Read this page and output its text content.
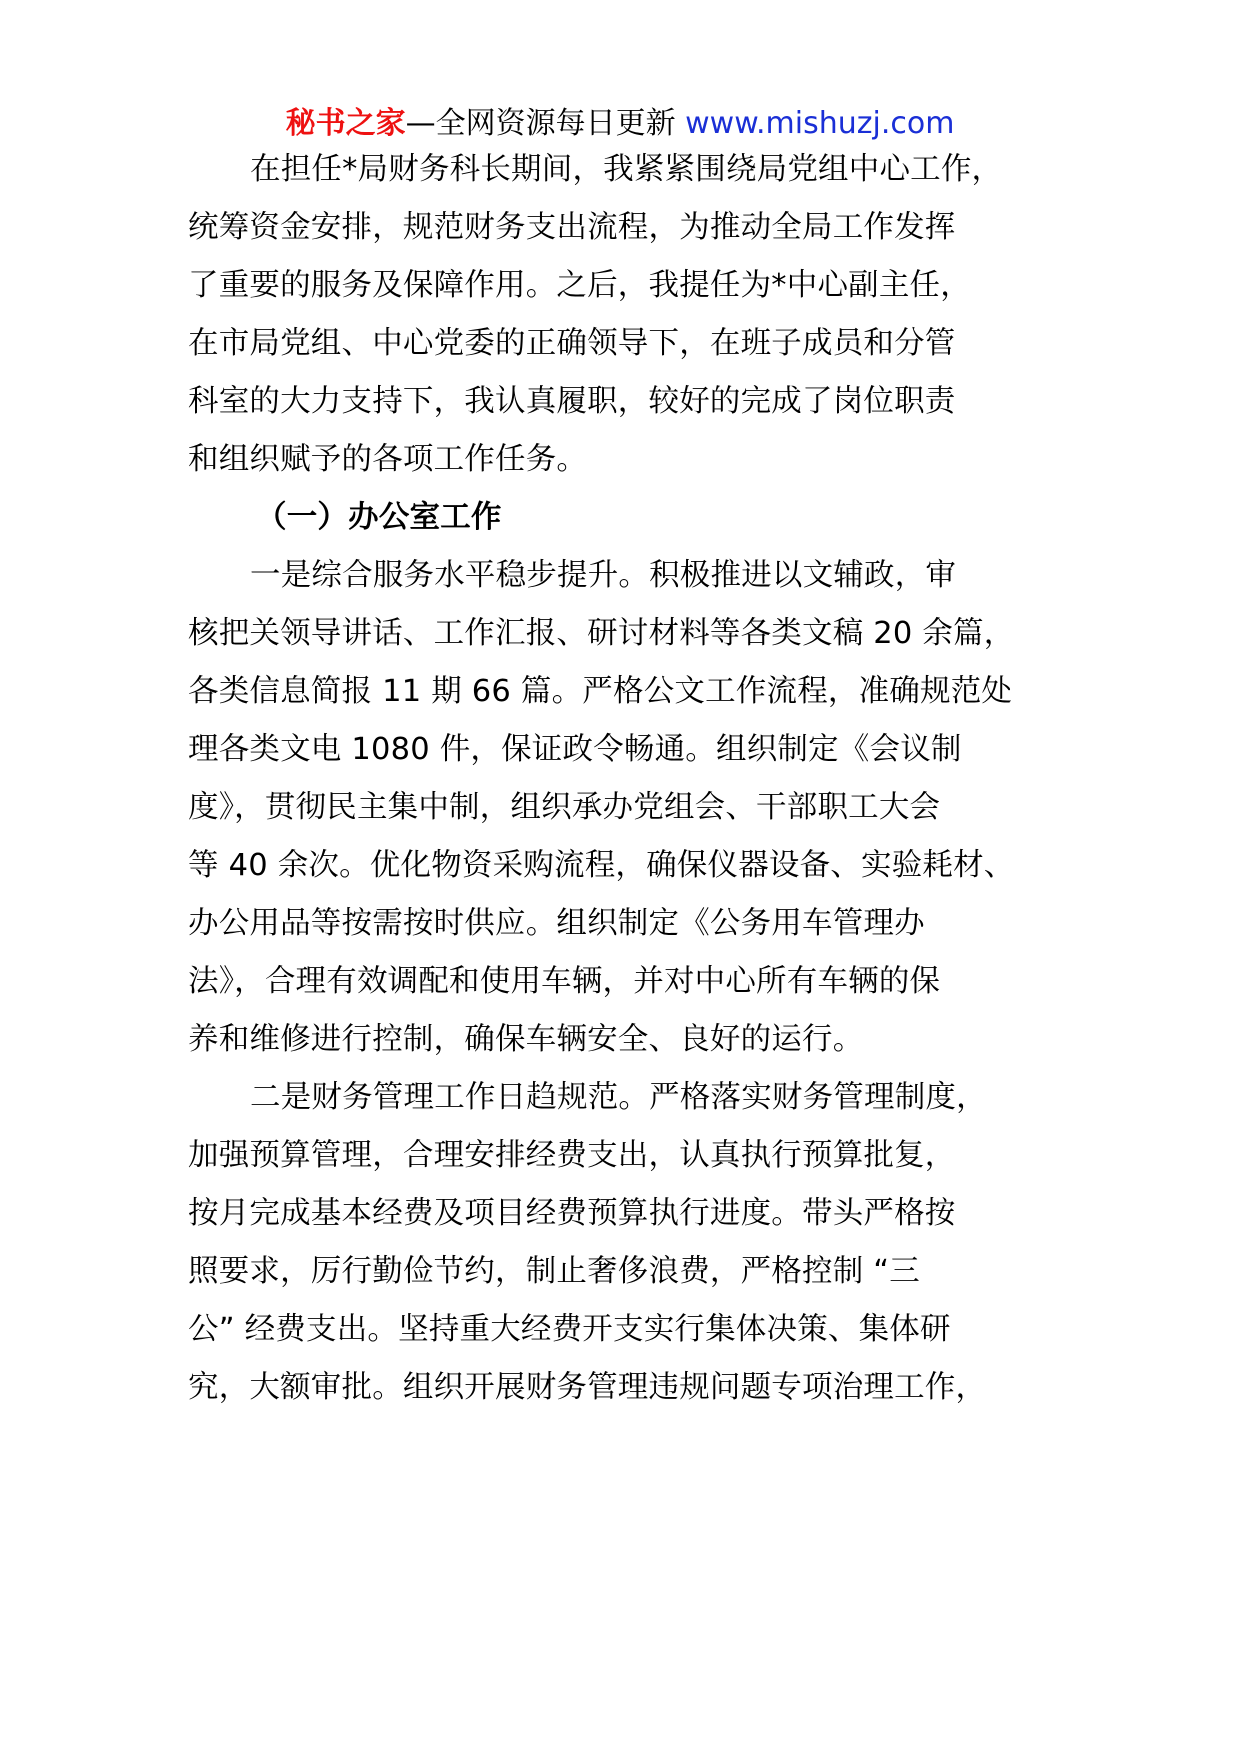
秘书之家—全网资源每日更新 www.mishuzj.com
在担任*局财务科长期间，我紧紧围绕局党组中心工作，
统筹资金安排，规范财务支出流程，为推动全局工作发挥
了重要的服务及保障作用。之后，我提任为*中心副主任，
在市局党组、中心党委的正确领导下，在班子成员和分管
科室的大力支持下，我认真履职，较好的完成了岗位职责
和组织赋予的各项工作任务。
（一）办公室工作
一是综合服务水平稳步提升。积极推进以文辅政，审
核把关领导讲话、工作汇报、研讨材料等各类文稿 20 余篇，
各类信息简报 11 期 66 篇。严格公文工作流程，准确规范处
理各类文电 1080 件，保证政令畅通。组织制定《会议制
度》，贯彻民主集中制，组织承办党组会、干部职工大会
等 40 余次。优化物资采购流程，确保仪器设备、实验耗材、
办公用品等按需按时供应。组织制定《公务用车管理办
法》，合理有效调配和使用车辆，并对中心所有车辆的保
养和维修进行控制，确保车辆安全、良好的运行。
二是财务管理工作日趋规范。严格落实财务管理制度，
加强预算管理，合理安排经费支出，认真执行预算批复，
按月完成基本经费及项目经费预算执行进度。带头严格按
照要求，厉行勤俭节约，制止奢侈浪费，严格控制 “三
公” 经费支出。坚持重大经费开支实行集体决策、集体研
究，大额审批。组织开展财务管理违规问题专项治理工作，
